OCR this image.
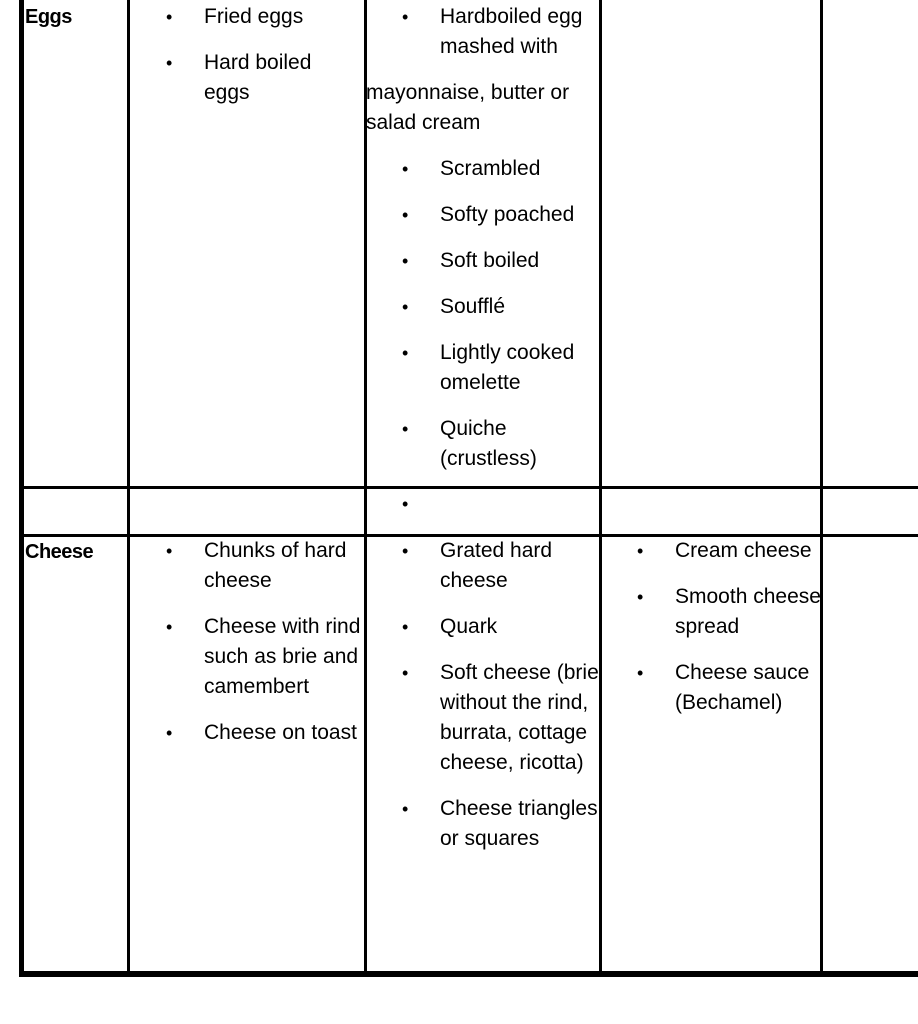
Eggs	• Fried eggs
• Hard boiled eggs
• Hardboiled egg mashed with
mayonnaise, butter or salad cream
• Scrambled
• Softy poached
• Soft boiled
• Soufflé
• Lightly cooked omelette
• Quiche (crustless)
•

Cheese	• Chunks of hard cheese
• Cheese with rind such as brie and camembert
• Cheese on toast
• Grated hard cheese
• Quark
• Soft cheese (brie without the rind, burrata, cottage cheese, ricotta)
• Cheese triangles or squares
• Cream cheese
• Smooth cheese spread
• Cheese sauce (Bechamel)
